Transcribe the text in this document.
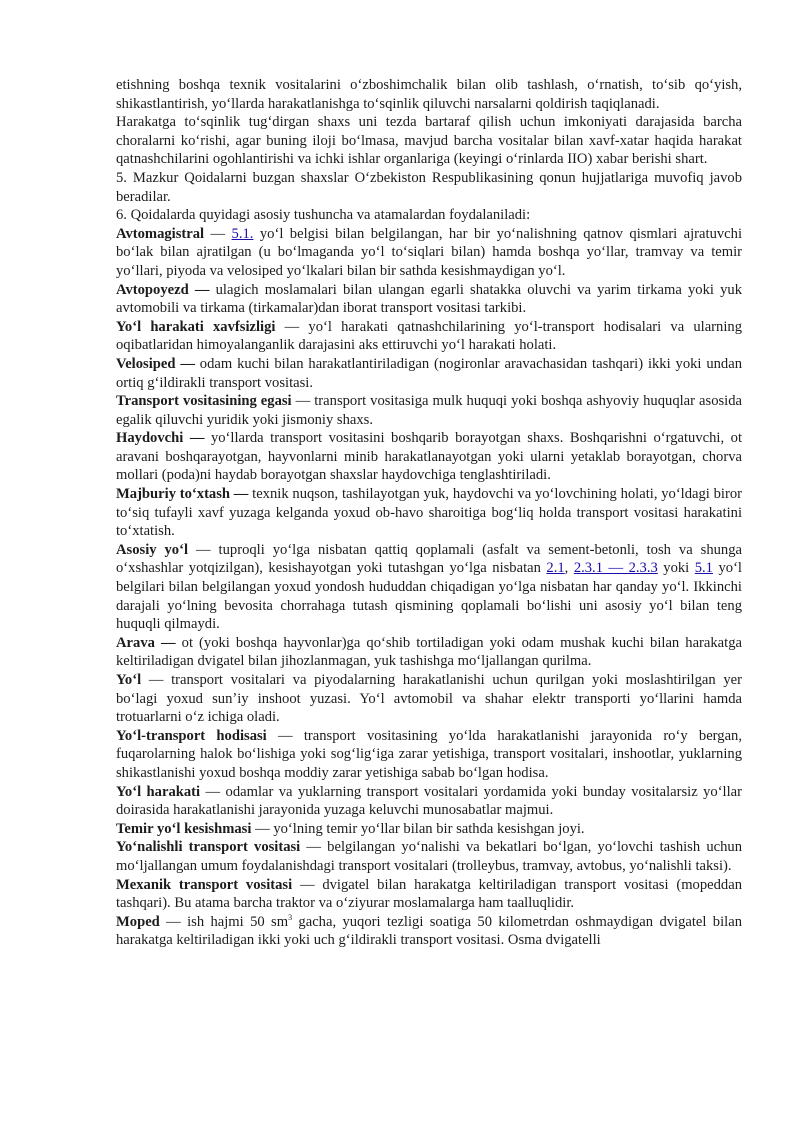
etishning boshqa texnik vositalarini oʻzboshimchalik bilan olib tashlash, oʻrnatish, toʻsib qoʻyish, shikastlantirish, yoʻllarda harakatlanishga toʻsqinlik qiluvchi narsalarni qoldirish taqiqlanadi.

Harakatga toʻsqinlik tugʻdirgan shaxs uni tezda bartaraf qilish uchun imkoniyati darajasida barcha choralarni koʻrishi, agar buning iloji boʻlmasa, mavjud barcha vositalar bilan xavf-xatar haqida harakat qatnashchilarini ogohlantirishi va ichki ishlar organlariga (keyingi oʻrinlarda IIO) xabar berishi shart.

5. Mazkur Qoidalarni buzgan shaxslar Oʻzbekiston Respublikasining qonun hujjatlariga muvofiq javob beradilar.

6. Qoidalarda quyidagi asosiy tushuncha va atamalardan foydalaniladi:

Avtomagistral — 5.1. yoʻl belgisi bilan belgilangan, har bir yoʻnalishning qatnov qismlari ajratuvchi boʻlak bilan ajratilgan (u boʻlmaganda yoʻl toʻsiqlari bilan) hamda boshqa yoʻllar, tramvay va temir yoʻllari, piyoda va velosiped yoʻlkalari bilan bir sathda kesishmaydigan yoʻl.

Avtopoyezd — ulagich moslamalari bilan ulangan egarli shatakka oluvchi va yarim tirkama yoki yuk avtomobili va tirkama (tirkamalar)dan iborat transport vositasi tarkibi.

Yoʻl harakati xavfsizligi — yoʻl harakati qatnashchilarining yoʻl-transport hodisalari va ularning oqibatlaridan himoyalanganlik darajasini aks ettiruvchi yoʻl harakati holati.

Velosiped — odam kuchi bilan harakatlantiriladigan (nogironlar aravachasidan tashqari) ikki yoki undan ortiq gʻildirakli transport vositasi.

Transport vositasining egasi — transport vositasiga mulk huquqi yoki boshqa ashyoviy huquqlar asosida egalik qiluvchi yuridik yoki jismoniy shaxs.

Haydovchi — yoʻllarda transport vositasini boshqarib borayotgan shaxs. Boshqarishni oʻrgatuvchi, ot aravani boshqarayotgan, hayvonlarni minib harakatlanayotgan yoki ularni yetaklab borayotgan, chorva mollari (poda)ni haydab borayotgan shaxslar haydovchiga tenglashtiriladi.

Majburiy toʻxtash — texnik nuqson, tashilayotgan yuk, haydovchi va yoʻlovchining holati, yoʻldagi biror toʻsiq tufayli xavf yuzaga kelganda yoxud ob-havo sharoitiga bogʻliq holda transport vositasi harakatini toʻxtatish.

Asosiy yoʻl — tuproqli yoʻlga nisbatan qattiq qoplamali (asfalt va sement-betonli, tosh va shunga oʻxshashlar yotqizilgan), kesishayotgan yoki tutashgan yoʻlga nisbatan 2.1, 2.3.1 — 2.3.3 yoki 5.1 yoʻl belgilari bilan belgilangan yoxud yondosh hududdan chiqadigan yoʻlga nisbatan har qanday yoʻl. Ikkinchi darajali yoʻlning bevosita chorrahaga tutash qismining qoplamali boʻlishi uni asosiy yoʻl bilan teng huquqli qilmaydi.

Arava — ot (yoki boshqa hayvonlar)ga qoʻshib tortiladigan yoki odam mushak kuchi bilan harakatga keltiriladigan dvigatel bilan jihozlanmagan, yuk tashishga moʻljallangan qurilma.

Yoʻl — transport vositalari va piyodalarning harakatlanishi uchun qurilgan yoki moslashtirilgan yer boʻlagi yoxud sunʼiy inshoot yuzasi. Yoʻl avtomobil va shahar elektr transporti yoʻllarini hamda trotuarlarni oʻz ichiga oladi.

Yoʻl-transport hodisasi — transport vositasining yoʻlda harakatlanishi jarayonida roʻy bergan, fuqarolarning halok boʻlishiga yoki sogʻligʻiga zarar yetishiga, transport vositalari, inshootlar, yuklarning shikastlanishi yoxud boshqa moddiy zarar yetishiga sabab boʻlgan hodisa.

Yoʻl harakati — odamlar va yuklarning transport vositalari yordamida yoki bunday vositalarsiz yoʻllar doirasida harakatlanishi jarayonida yuzaga keluvchi munosabatlar majmui.

Temir yoʻl kesishmasi — yoʻlning temir yoʻllar bilan bir sathda kesishgan joyi.

Yoʻnalishli transport vositasi — belgilangan yoʻnalishi va bekatlari boʻlgan, yoʻlovchi tashish uchun moʻljallangan umum foydalanishdagi transport vositalari (trolleybus, tramvay, avtobus, yoʻnalishli taksi).

Mexanik transport vositasi — dvigatel bilan harakatga keltiriladigan transport vositasi (mopeddan tashqari). Bu atama barcha traktor va oʻziyurar moslamalarga ham taalluqlidir.

Moped — ish hajmi 50 $sm^3$ gacha, yuqori tezligi soatiga 50 kilometrdan oshmaydigan dvigatel bilan harakatga keltiriladigan ikki yoki uch gʻildirakli transport vositasi. Osma dvigatelli
